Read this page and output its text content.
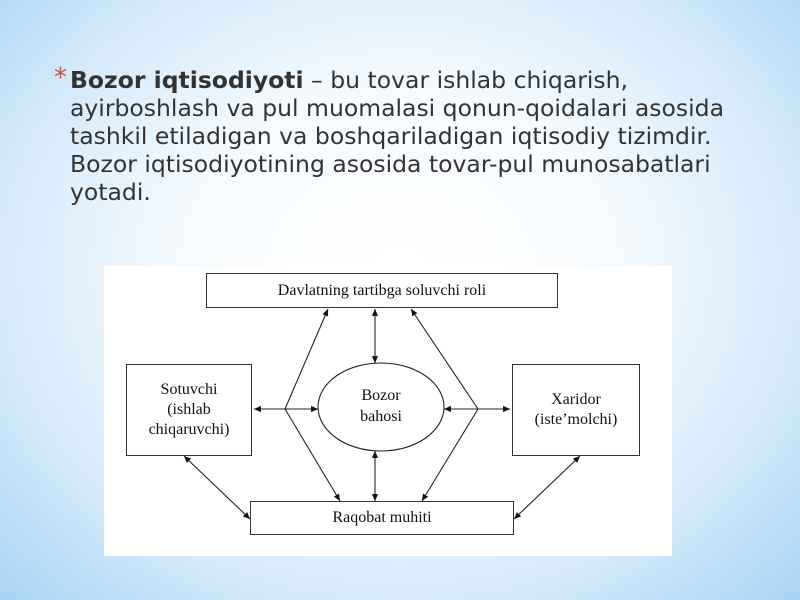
* Bozor iqtisodiyoti – bu tovar ishlab chiqarish, ayirboshlash va pul muomalasi qonun-qoidalari asosida tashkil etiladigan va boshqariladigan iqtisodiy tizimdir. Bozor iqtisodiyotining asosida tovar-pul munosabatlari yotadi.
Davlatning tartibga soluvchi roli
Sotuvchi
(ishlab
chiqaruvchi)
Xaridor
(iste’molchi)
Bozor
bahosi
Raqobat muhiti
